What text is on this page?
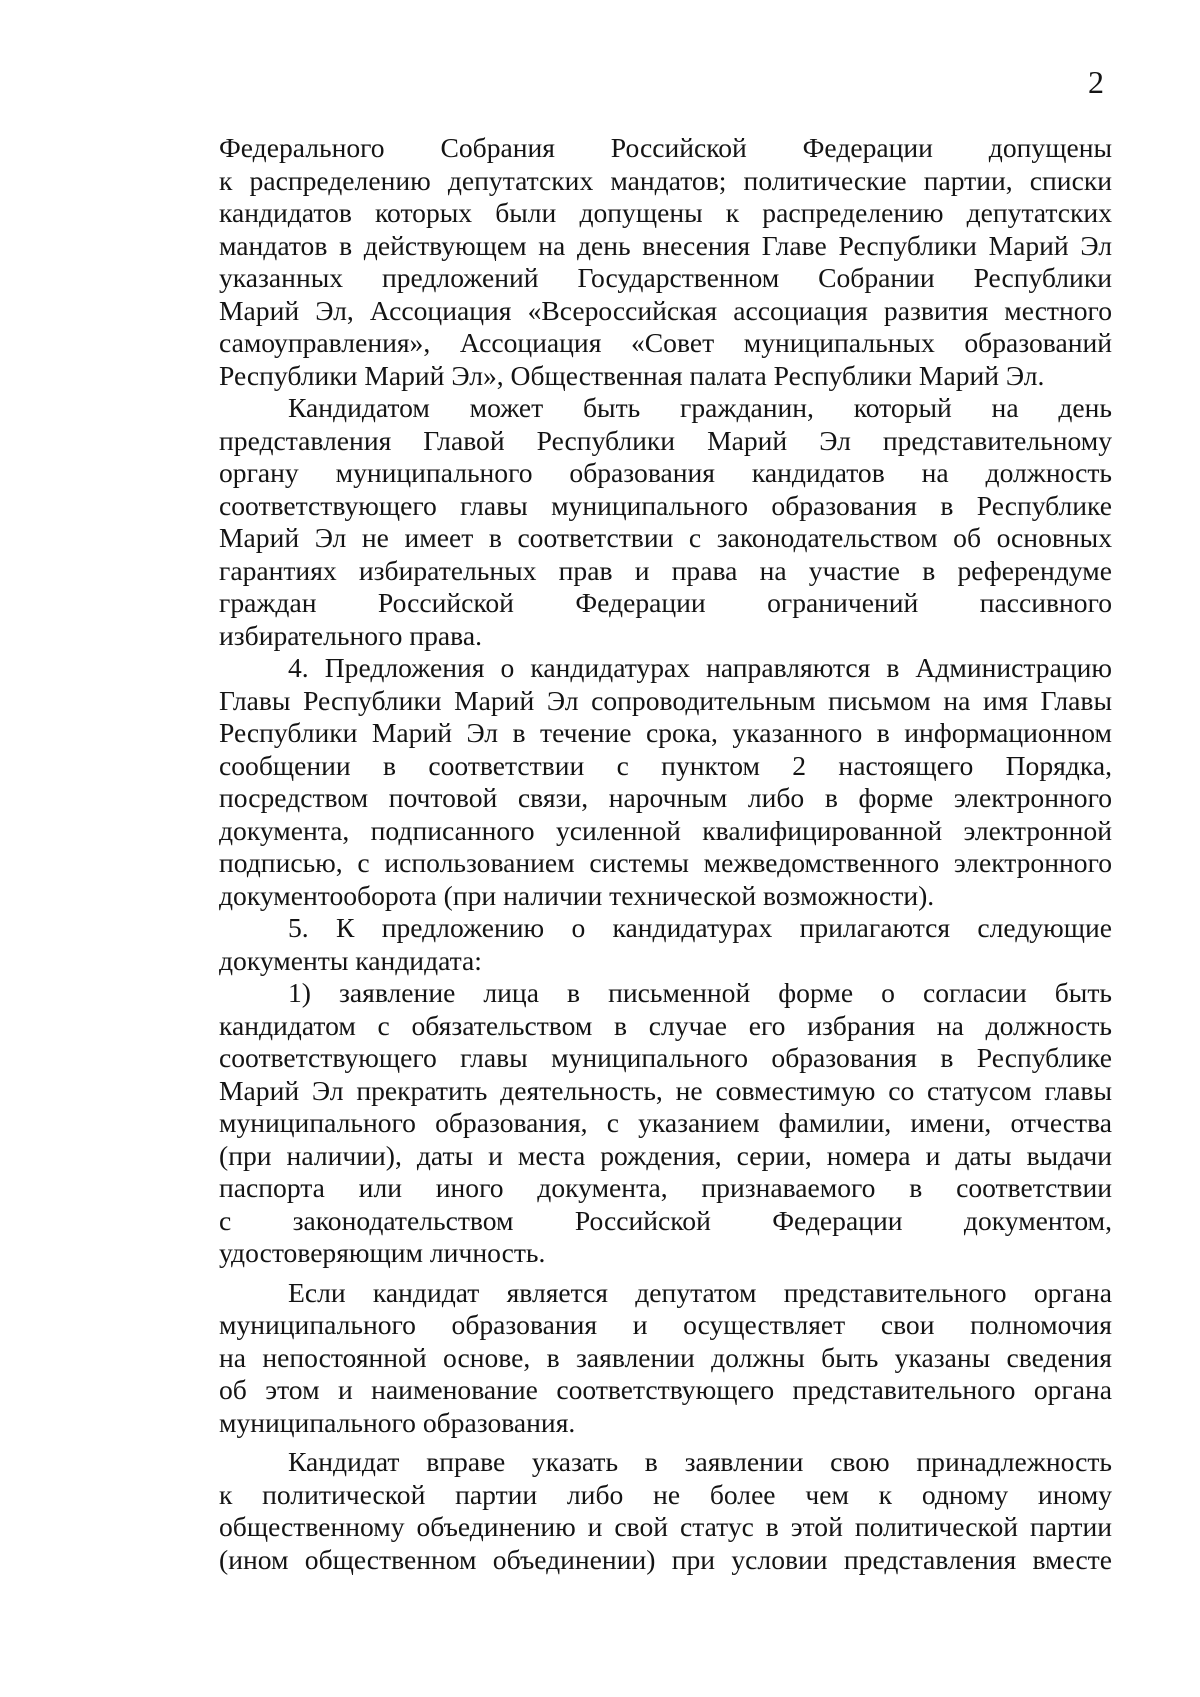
2

Федерального Собрания Российской Федерации допущены

к распределению депутатских мандатов; политические партии, списки

кандидатов которых были допущены к распределению депутатских

мандатов в действующем на день внесения Главе Республики Марий Эл

указанных предложений Государственном Собрании Республики

Марий Эл, Ассоциация «Всероссийская ассоциация развития местного

самоуправления», Ассоциация «Совет муниципальных образований

Республики Марий Эл», Общественная палата Республики Марий Эл.

Кандидатом может быть гражданин, который на день

представления Главой Республики Марий Эл представительному

органу муниципального образования кандидатов на должность

соответствующего главы муниципального образования в Республике

Марий Эл не имеет в соответствии с законодательством об основных

гарантиях избирательных прав и права на участие в референдуме

граждан Российской Федерации ограничений пассивного

избирательного права.

4. Предложения о кандидатурах направляются в Администрацию

Главы Республики Марий Эл сопроводительным письмом на имя Главы

Республики Марий Эл в течение срока, указанного в информационном

сообщении в соответствии с пунктом 2 настоящего Порядка,

посредством почтовой связи, нарочным либо в форме электронного

документа, подписанного усиленной квалифицированной электронной

подписью, с использованием системы межведомственного электронного

документооборота (при наличии технической возможности).

5. К предложению о кандидатурах прилагаются следующие

документы кандидата:

1) заявление лица в письменной форме о согласии быть

кандидатом с обязательством в случае его избрания на должность

соответствующего главы муниципального образования в Республике

Марий Эл прекратить деятельность, не совместимую со статусом главы

муниципального образования, с указанием фамилии, имени, отчества

(при наличии), даты и места рождения, серии, номера и даты выдачи

паспорта или иного документа, признаваемого в соответствии

с законодательством Российской Федерации документом,

удостоверяющим личность.

Если кандидат является депутатом представительного органа

муниципального образования и осуществляет свои полномочия

на непостоянной основе, в заявлении должны быть указаны сведения

об этом и наименование соответствующего представительного органа

муниципального образования.

Кандидат вправе указать в заявлении свою принадлежность

к политической партии либо не более чем к одному иному

общественному объединению и свой статус в этой политической партии

(ином общественном объединении) при условии представления вместе
